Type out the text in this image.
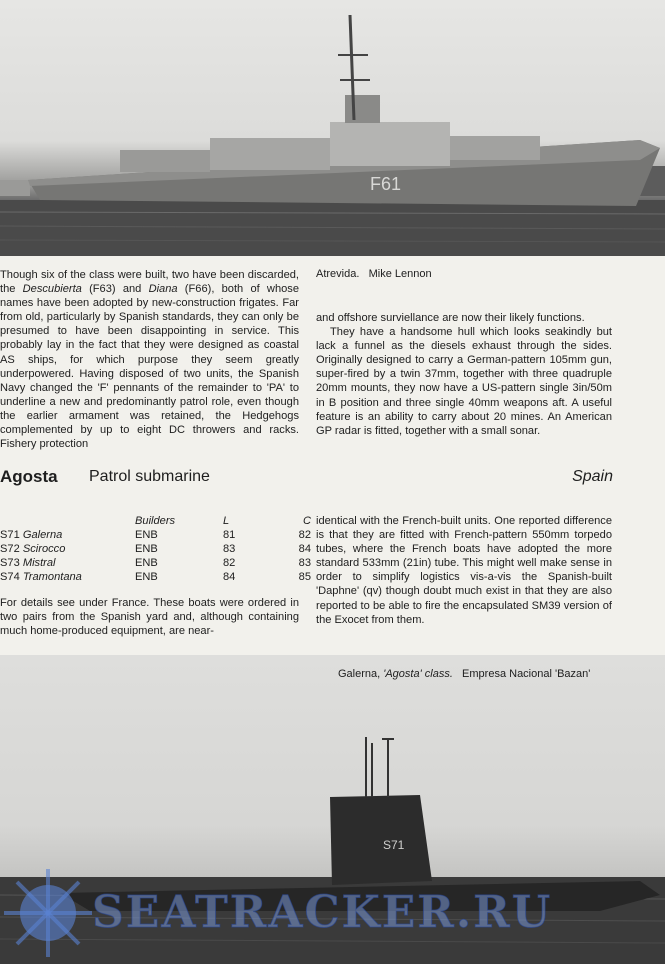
F61

Though six of the class were built, two have been discarded, the Descubierta (F63) and Diana (F66), both of whose names have been adopted by new-construction frigates. Far from old, particularly by Spanish standards, they can only be presumed to have been disappointing in service. This probably lay in the fact that they were designed as coastal AS ships, for which purpose they seem greatly underpowered. Having disposed of two units, the Spanish Navy changed the 'F' pennants of the remainder to 'PA' to underline a new and predominantly patrol role, even though the earlier armament was retained, the Hedgehogs complemented by up to eight DC throwers and racks. Fishery protection

Atrevida. Mike Lennon

and offshore surviellance are now their likely functions.

They have a handsome hull which looks seakindly but lack a funnel as the diesels exhaust through the sides. Originally designed to carry a German-pattern 105mm gun, super-fired by a twin 37mm, together with three quadruple 20mm mounts, they now have a US-pattern single 3in/50m in B position and three single 40mm weapons aft. A useful feature is an ability to carry about 20 mines. An American GP radar is fitted, together with a small sonar.

Agosta Patrol submarine	Spain
	Builders	L	C
S71 Galerna	ENB	81	82
S72 Scirocco	ENB	83	84
S73 Mistral	ENB	82	83
S74 Tramontana	ENB	84	85

For details see under France. These boats were ordered in two pairs from the Spanish yard and, although containing much home-produced equipment, are near-

identical with the French-built units. One reported difference is that they are fitted with French-pattern 550mm torpedo tubes, where the French boats have adopted the more standard 533mm (21in) tube. This might well make sense in order to simplify logistics vis-a-vis the Spanish-built 'Daphne' (qv) though doubt much exist in that they are also reported to be able to fire the encapsulated SM39 version of the Exocet from them.

Galerna, 'Agosta' class. Empresa Nacional 'Bazan'
S71
SEATRACKER.RU
